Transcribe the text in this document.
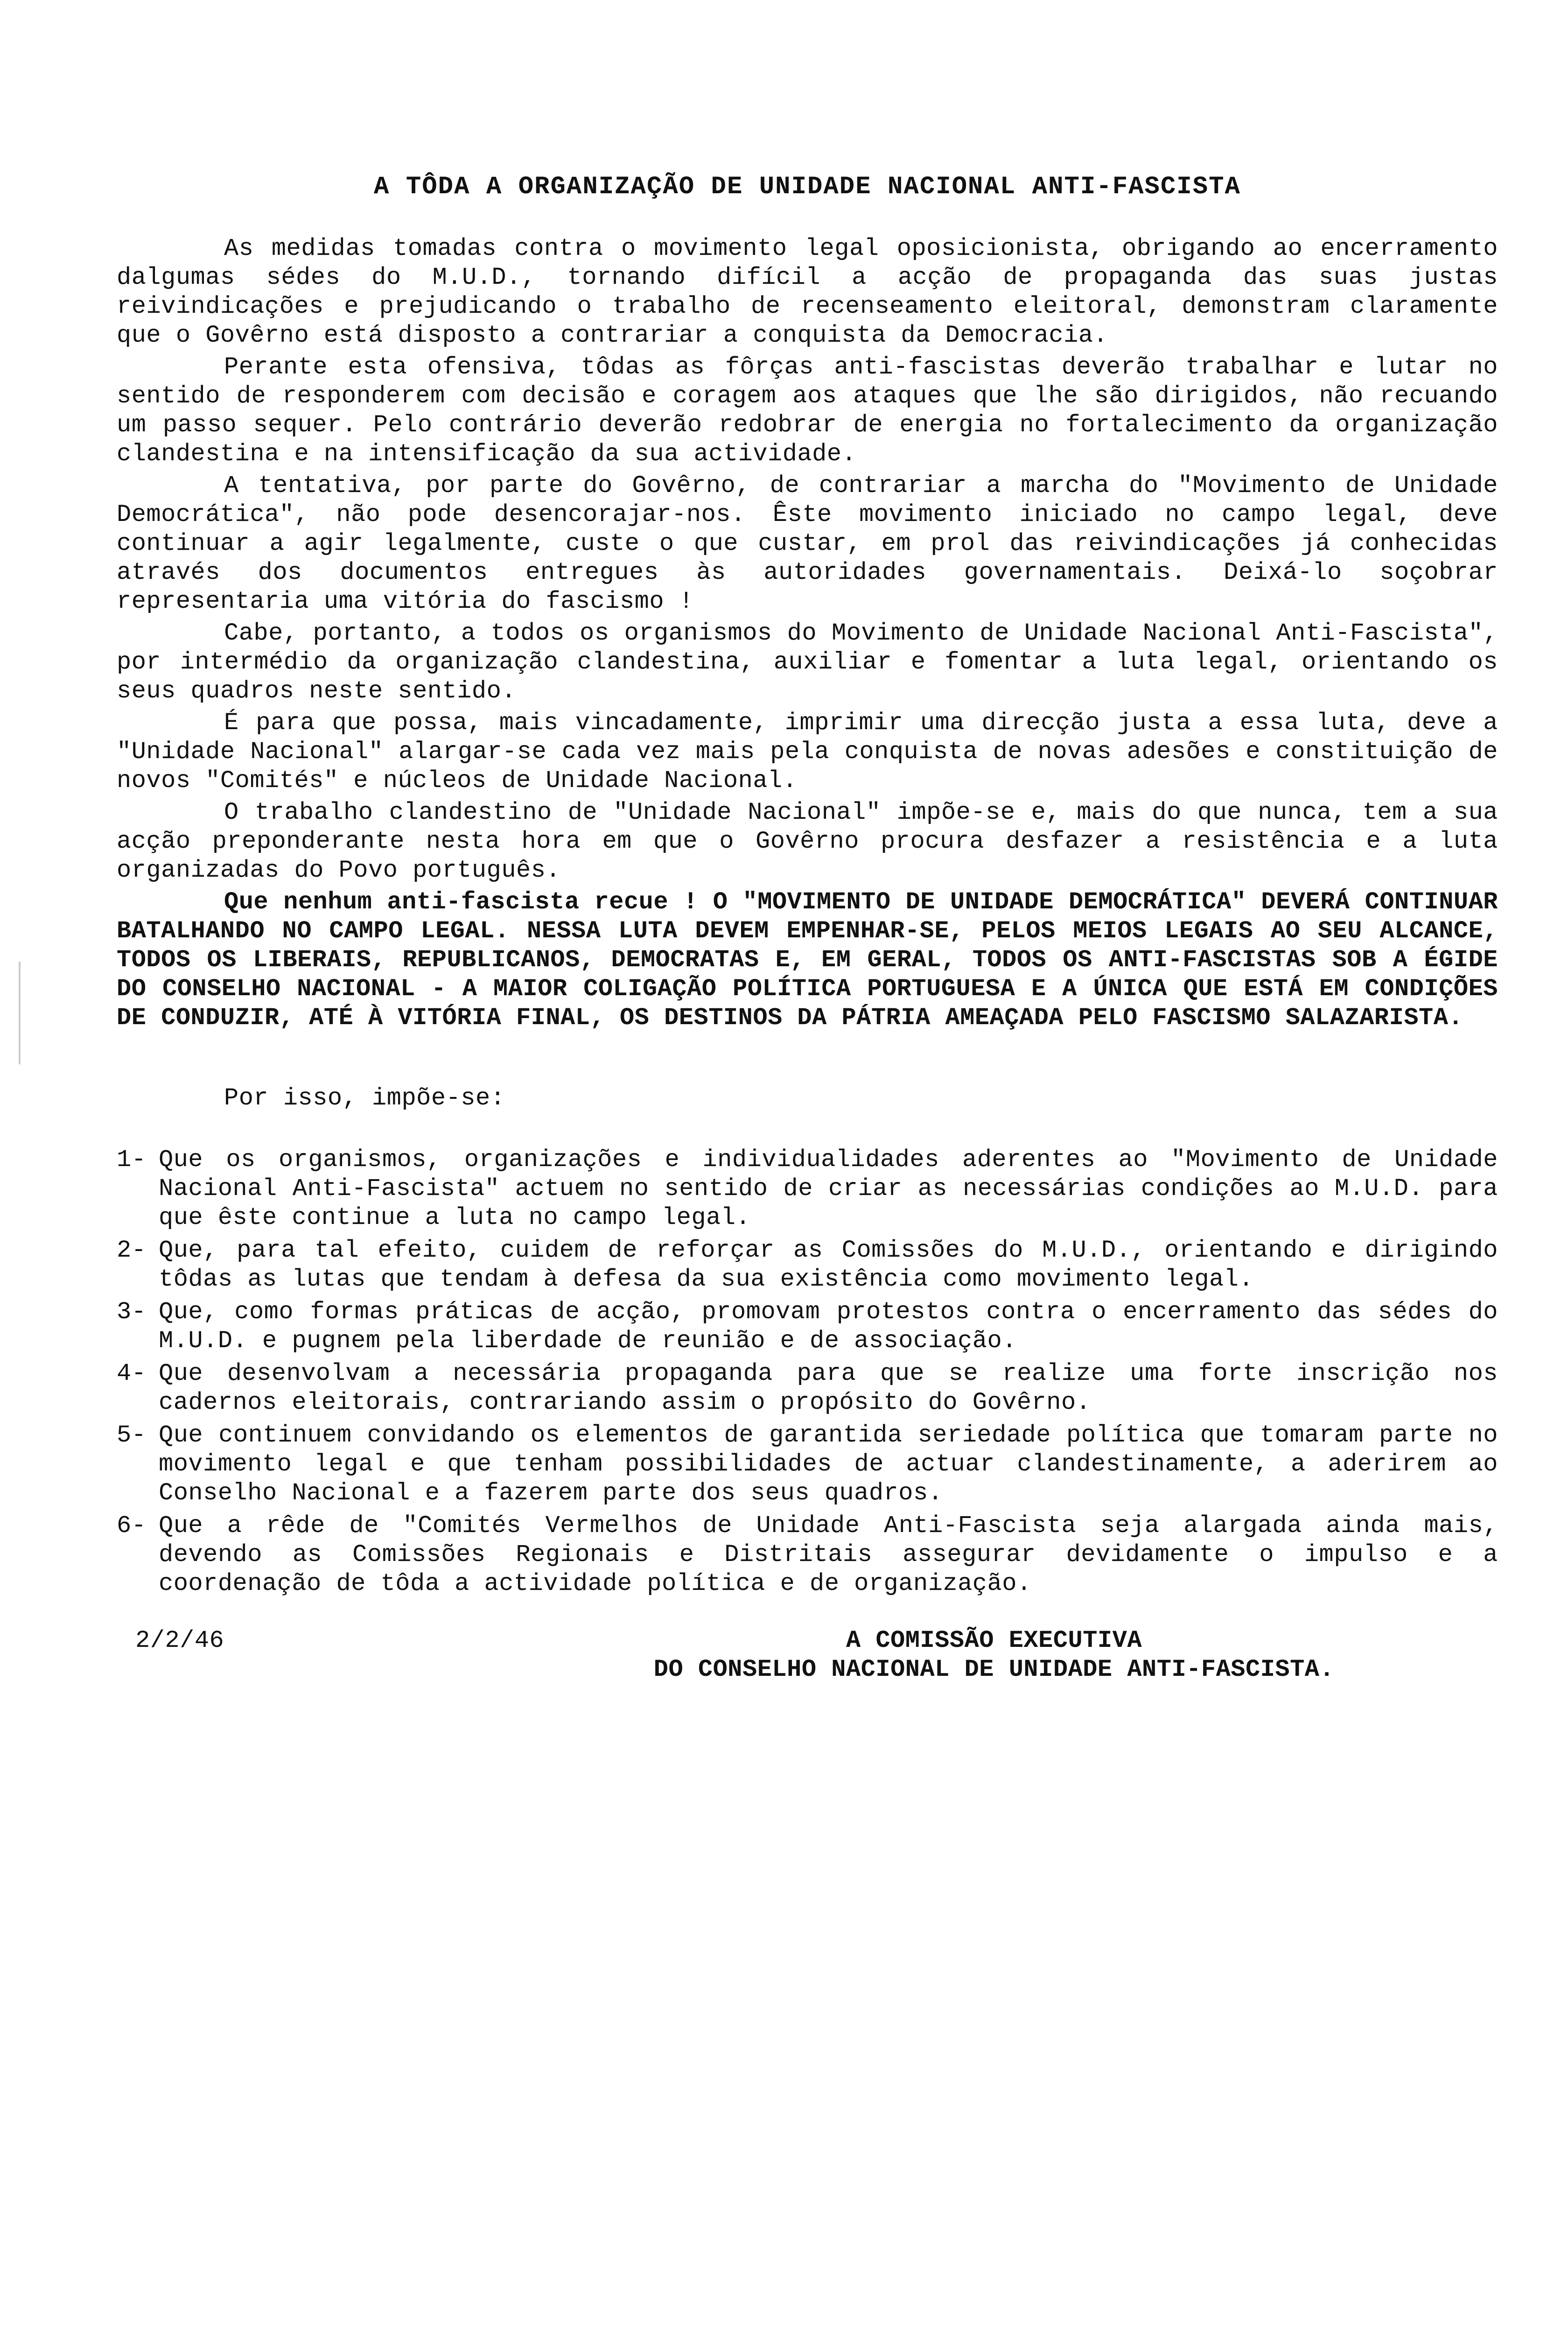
A TÔDA A ORGANIZAÇÃO DE UNIDADE NACIONAL ANTI-FASCISTA

As medidas tomadas contra o movimento legal oposicionista, obrigando ao encerramento dalgumas sédes do M.U.D., tornando difícil a acção de propaganda das suas justas reivindicações e prejudicando o trabalho de recenseamento eleitoral, demonstram claramente que o Govêrno está disposto a contrariar a conquista da Democracia.

Perante esta ofensiva, tôdas as fôrças anti-fascistas deverão trabalhar e lutar no sentido de responderem com decisão e coragem aos ataques que lhe são dirigidos, não recuando um passo sequer. Pelo contrário deverão redobrar de energia no fortalecimento da organização clandestina e na intensificação da sua actividade.

A tentativa, por parte do Govêrno, de contrariar a marcha do "Movimento de Unidade Democrática", não pode desencorajar-nos. Êste movimento iniciado no campo legal, deve continuar a agir legalmente, custe o que custar, em prol das reivindicações já conhecidas através dos documentos entregues às autoridades governamentais. Deixá-lo soçobrar representaria uma vitória do fascismo !

Cabe, portanto, a todos os organismos do Movimento de Unidade Nacional Anti-Fascista", por intermédio da organização clandestina, auxiliar e fomentar a luta legal, orientando os seus quadros neste sentido.

É para que possa, mais vincadamente, imprimir uma direcção justa a essa luta, deve a "Unidade Nacional" alargar-se cada vez mais pela conquista de novas adesões e constituição de novos "Comités" e núcleos de Unidade Nacional.

O trabalho clandestino de "Unidade Nacional" impõe-se e, mais do que nunca, tem a sua acção preponderante nesta hora em que o Govêrno procura desfazer a resistência e a luta organizadas do Povo português.

Que nenhum anti-fascista recue ! O "MOVIMENTO DE UNIDADE DEMOCRÁTICA" DEVERÁ CONTINUAR BATALHANDO NO CAMPO LEGAL. NESSA LUTA DEVEM EMPENHAR-SE, PELOS MEIOS LEGAIS AO SEU ALCANCE, TODOS OS LIBERAIS, REPUBLICANOS, DEMOCRATAS E, EM GERAL, TODOS OS ANTI-FASCISTAS SOB A ÉGIDE DO CONSELHO NACIONAL - A MAIOR COLIGAÇÃO POLÍTICA PORTUGUESA E A ÚNICA QUE ESTÁ EM CONDIÇÕES DE CONDUZIR, ATÉ À VITÓRIA FINAL, OS DESTINOS DA PÁTRIA AMEAÇADA PELO FASCISMO SALAZARISTA.

Por isso, impõe-se:
1- Que os organismos, organizações e individualidades aderentes ao "Movimento de Unidade Nacional Anti-Fascista" actuem no sentido de criar as necessárias condições ao M.U.D. para que êste continue a luta no campo legal.
2- Que, para tal efeito, cuidem de reforçar as Comissões do M.U.D., orientando e dirigindo tôdas as lutas que tendam à defesa da sua existência como movimento legal.
3- Que, como formas práticas de acção, promovam protestos contra o encerramento das sédes do M.U.D. e pugnem pela liberdade de reunião e de associação.
4- Que desenvolvam a necessária propaganda para que se realize uma forte inscrição nos cadernos eleitorais, contrariando assim o propósito do Govêrno.
5- Que continuem convidando os elementos de garantida seriedade política que tomaram parte no movimento legal e que tenham possibilidades de actuar clandestinamente, a aderirem ao Conselho Nacional e a fazerem parte dos seus quadros.
6- Que a rêde de "Comités Vermelhos de Unidade Anti-Fascista seja alargada ainda mais, devendo as Comissões Regionais e Distritais assegurar devidamente o impulso e a coordenação de tôda a actividade política e de organização.
2/2/46	A COMISSÃO EXECUTIVA
DO CONSELHO NACIONAL DE UNIDADE ANTI-FASCISTA.
